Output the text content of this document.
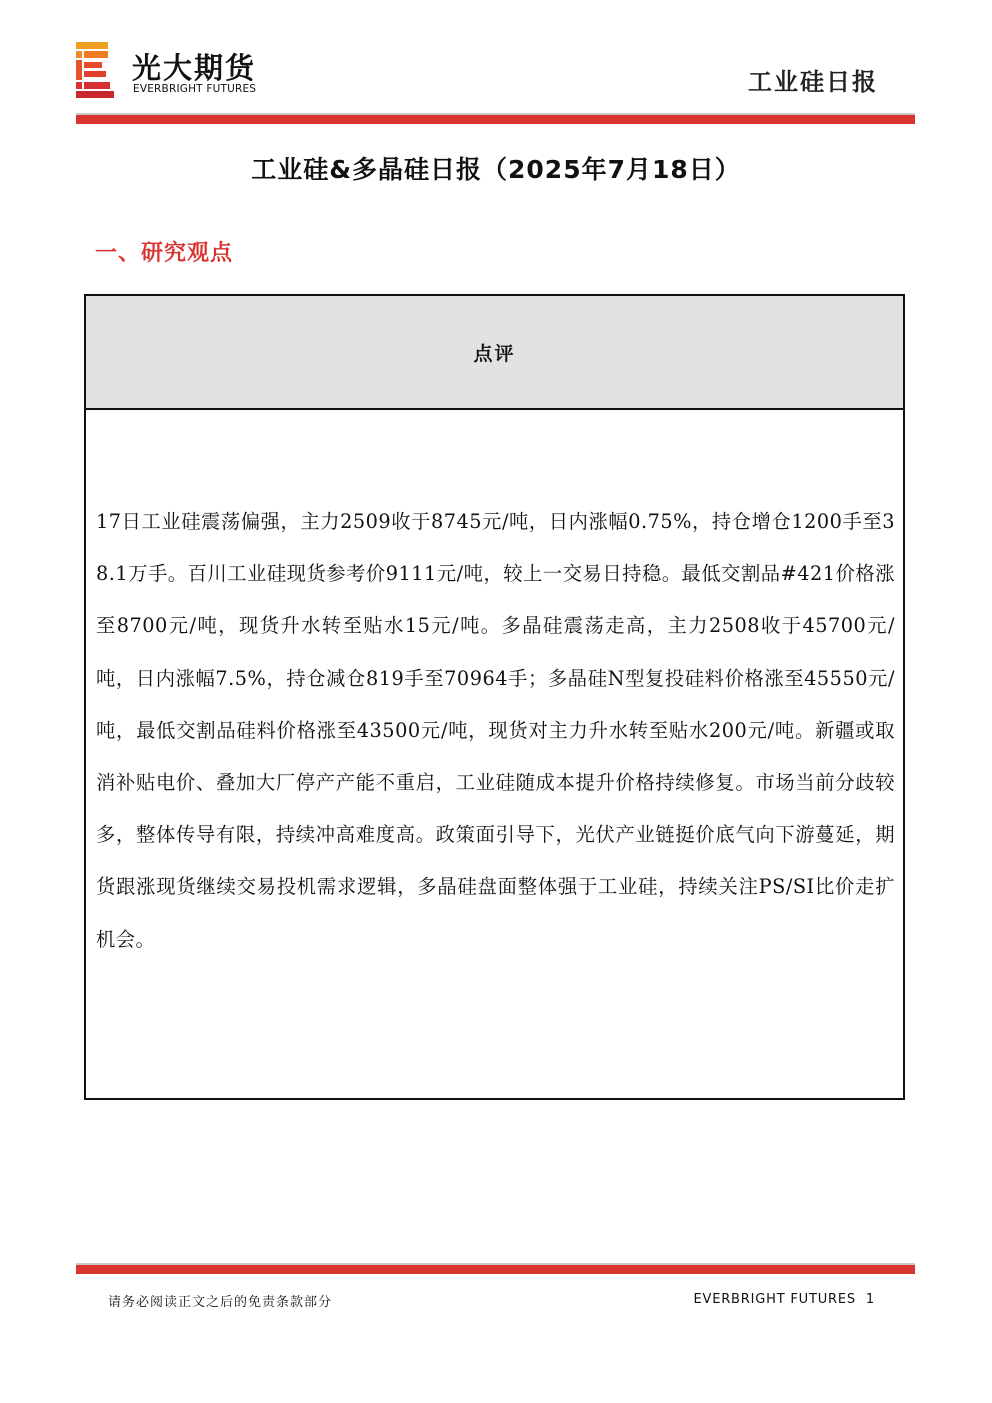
光大期货
EVERBRIGHT FUTURES	工业硅日报
工业硅&多晶硅日报（2025年7月18日）
一、研究观点
点评

17日工业硅震荡偏强，主力2509收于8745元/吨，日内涨幅0.75%，持仓增仓1200手至38.1万手。百川工业硅现货参考价9111元/吨，较上一交易日持稳。最低交割品#421价格涨至8700元/吨，现货升水转至贴水15元/吨。多晶硅震荡走高，主力2508收于45700元/吨，日内涨幅7.5%，持仓减仓819手至70964手；多晶硅N型复投硅料价格涨至45550元/吨，最低交割品硅料价格涨至43500元/吨，现货对主力升水转至贴水200元/吨。新疆或取消补贴电价、叠加大厂停产产能不重启，工业硅随成本提升价格持续修复。市场当前分歧较多，整体传导有限，持续冲高难度高。政策面引导下，光伏产业链挺价底气向下游蔓延，期货跟涨现货继续交易投机需求逻辑，多晶硅盘面整体强于工业硅，持续关注PS/SI比价走扩机会。

请务必阅读正文之后的免责条款部分	EVERBRIGHT FUTURES 1
